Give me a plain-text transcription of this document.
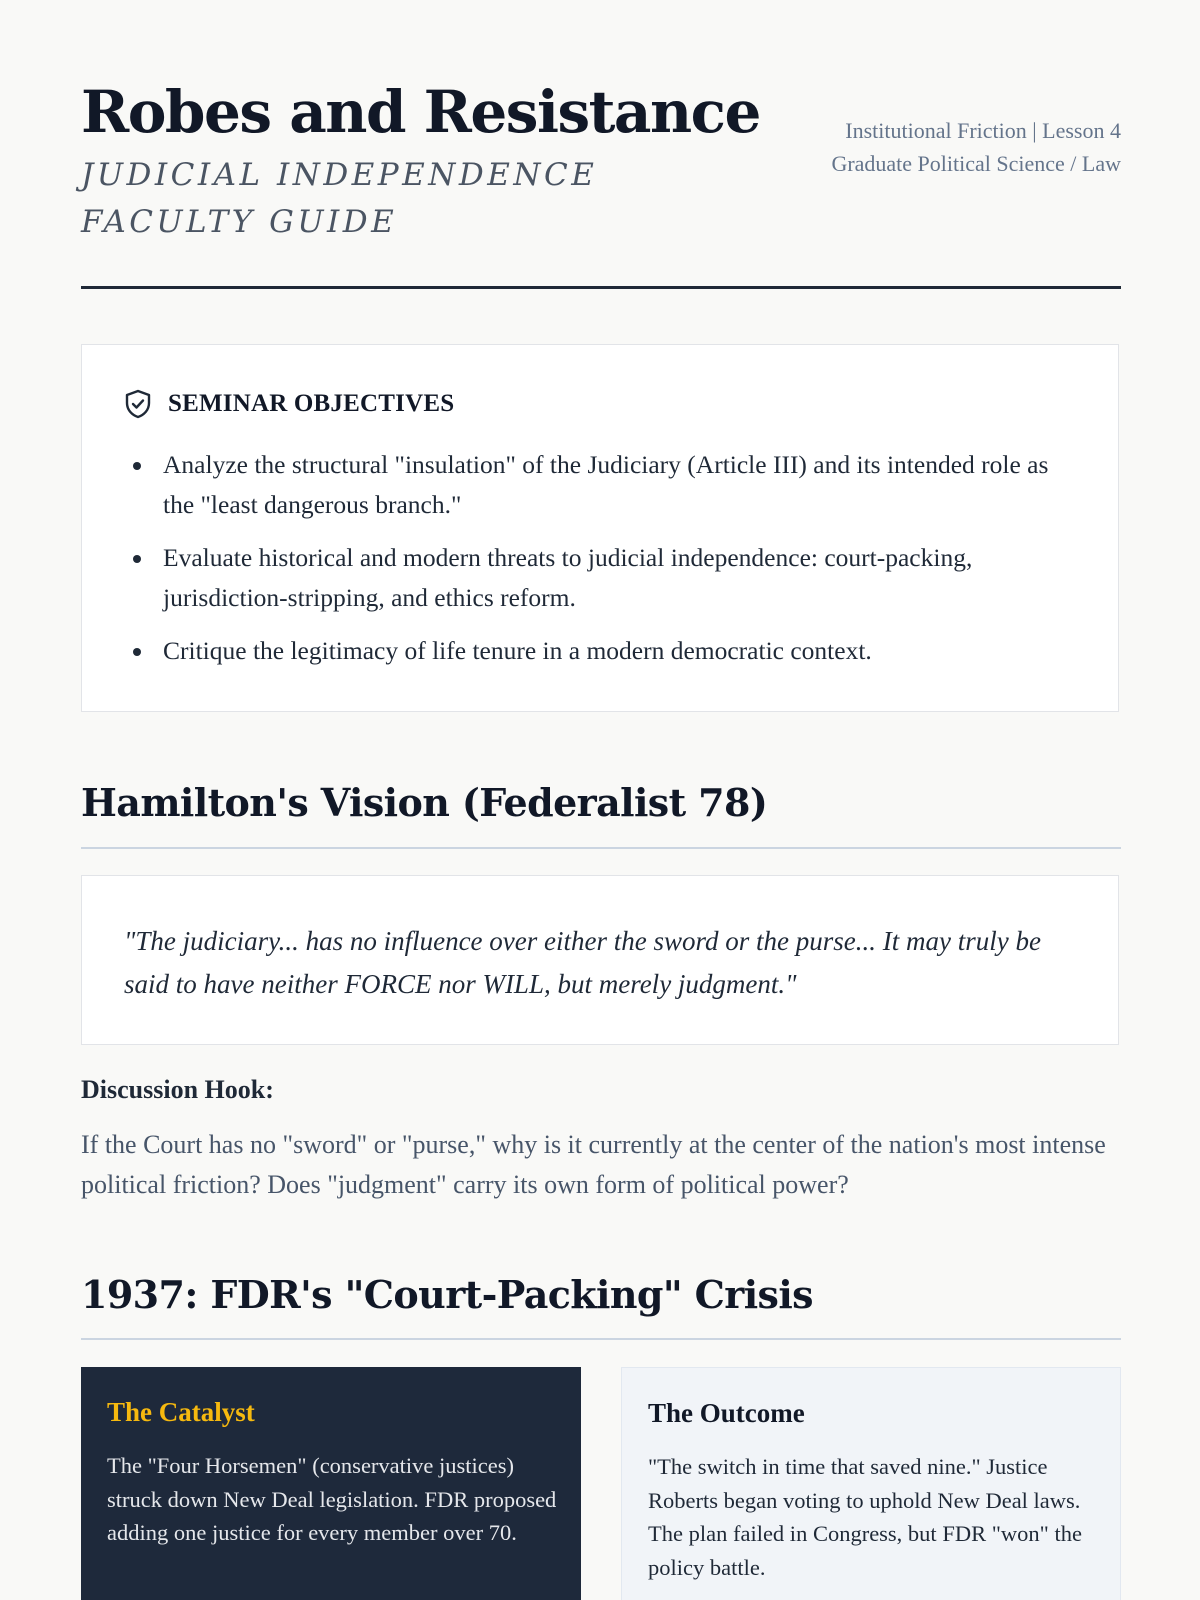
Robes and Resistance
JUDICIAL INDEPENDENCE FACULTY GUIDE
Institutional Friction | Lesson 4
Graduate Political Science / Law
SEMINAR OBJECTIVES
Analyze the structural "insulation" of the Judiciary (Article III) and its intended role as the "least dangerous branch."
Evaluate historical and modern threats to judicial independence: court-packing, jurisdiction-stripping, and ethics reform.
Critique the legitimacy of life tenure in a modern democratic context.
Hamilton's Vision (Federalist 78)
"The judiciary... has no influence over either the sword or the purse... It may truly be said to have neither FORCE nor WILL, but merely judgment."
Discussion Hook:
If the Court has no "sword" or "purse," why is it currently at the center of the nation's most intense political friction? Does "judgment" carry its own form of political power?
1937: FDR's "Court-Packing" Crisis
The Catalyst
The "Four Horsemen" (conservative justices) struck down New Deal legislation. FDR proposed adding one justice for every member over 70.
The Outcome
"The switch in time that saved nine." Justice Roberts began voting to uphold New Deal laws. The plan failed in Congress, but FDR "won" the policy battle.
